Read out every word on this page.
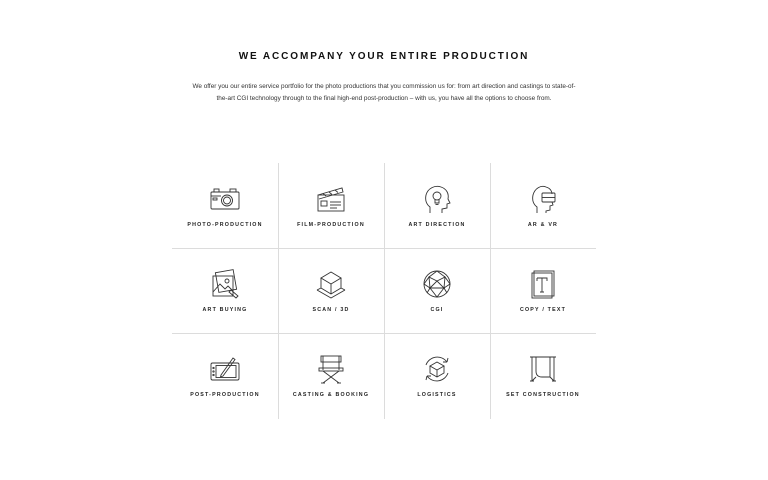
WE ACCOMPANY YOUR ENTIRE PRODUCTION
We offer you our entire service portfolio for the photo productions that you commission us for: from art direction and castings to state-of-the-art CGI technology through to the final high-end post-production – with us, you have all the options to choose from.
PHOTO-PRODUCTION	FILM-PRODUCTION	ART DIRECTION	AR & VR
ART BUYING	SCAN / 3D	CGI	COPY / TEXT
POST-PRODUCTION	CASTING & BOOKING	LOGISTICS	SET CONSTRUCTION
